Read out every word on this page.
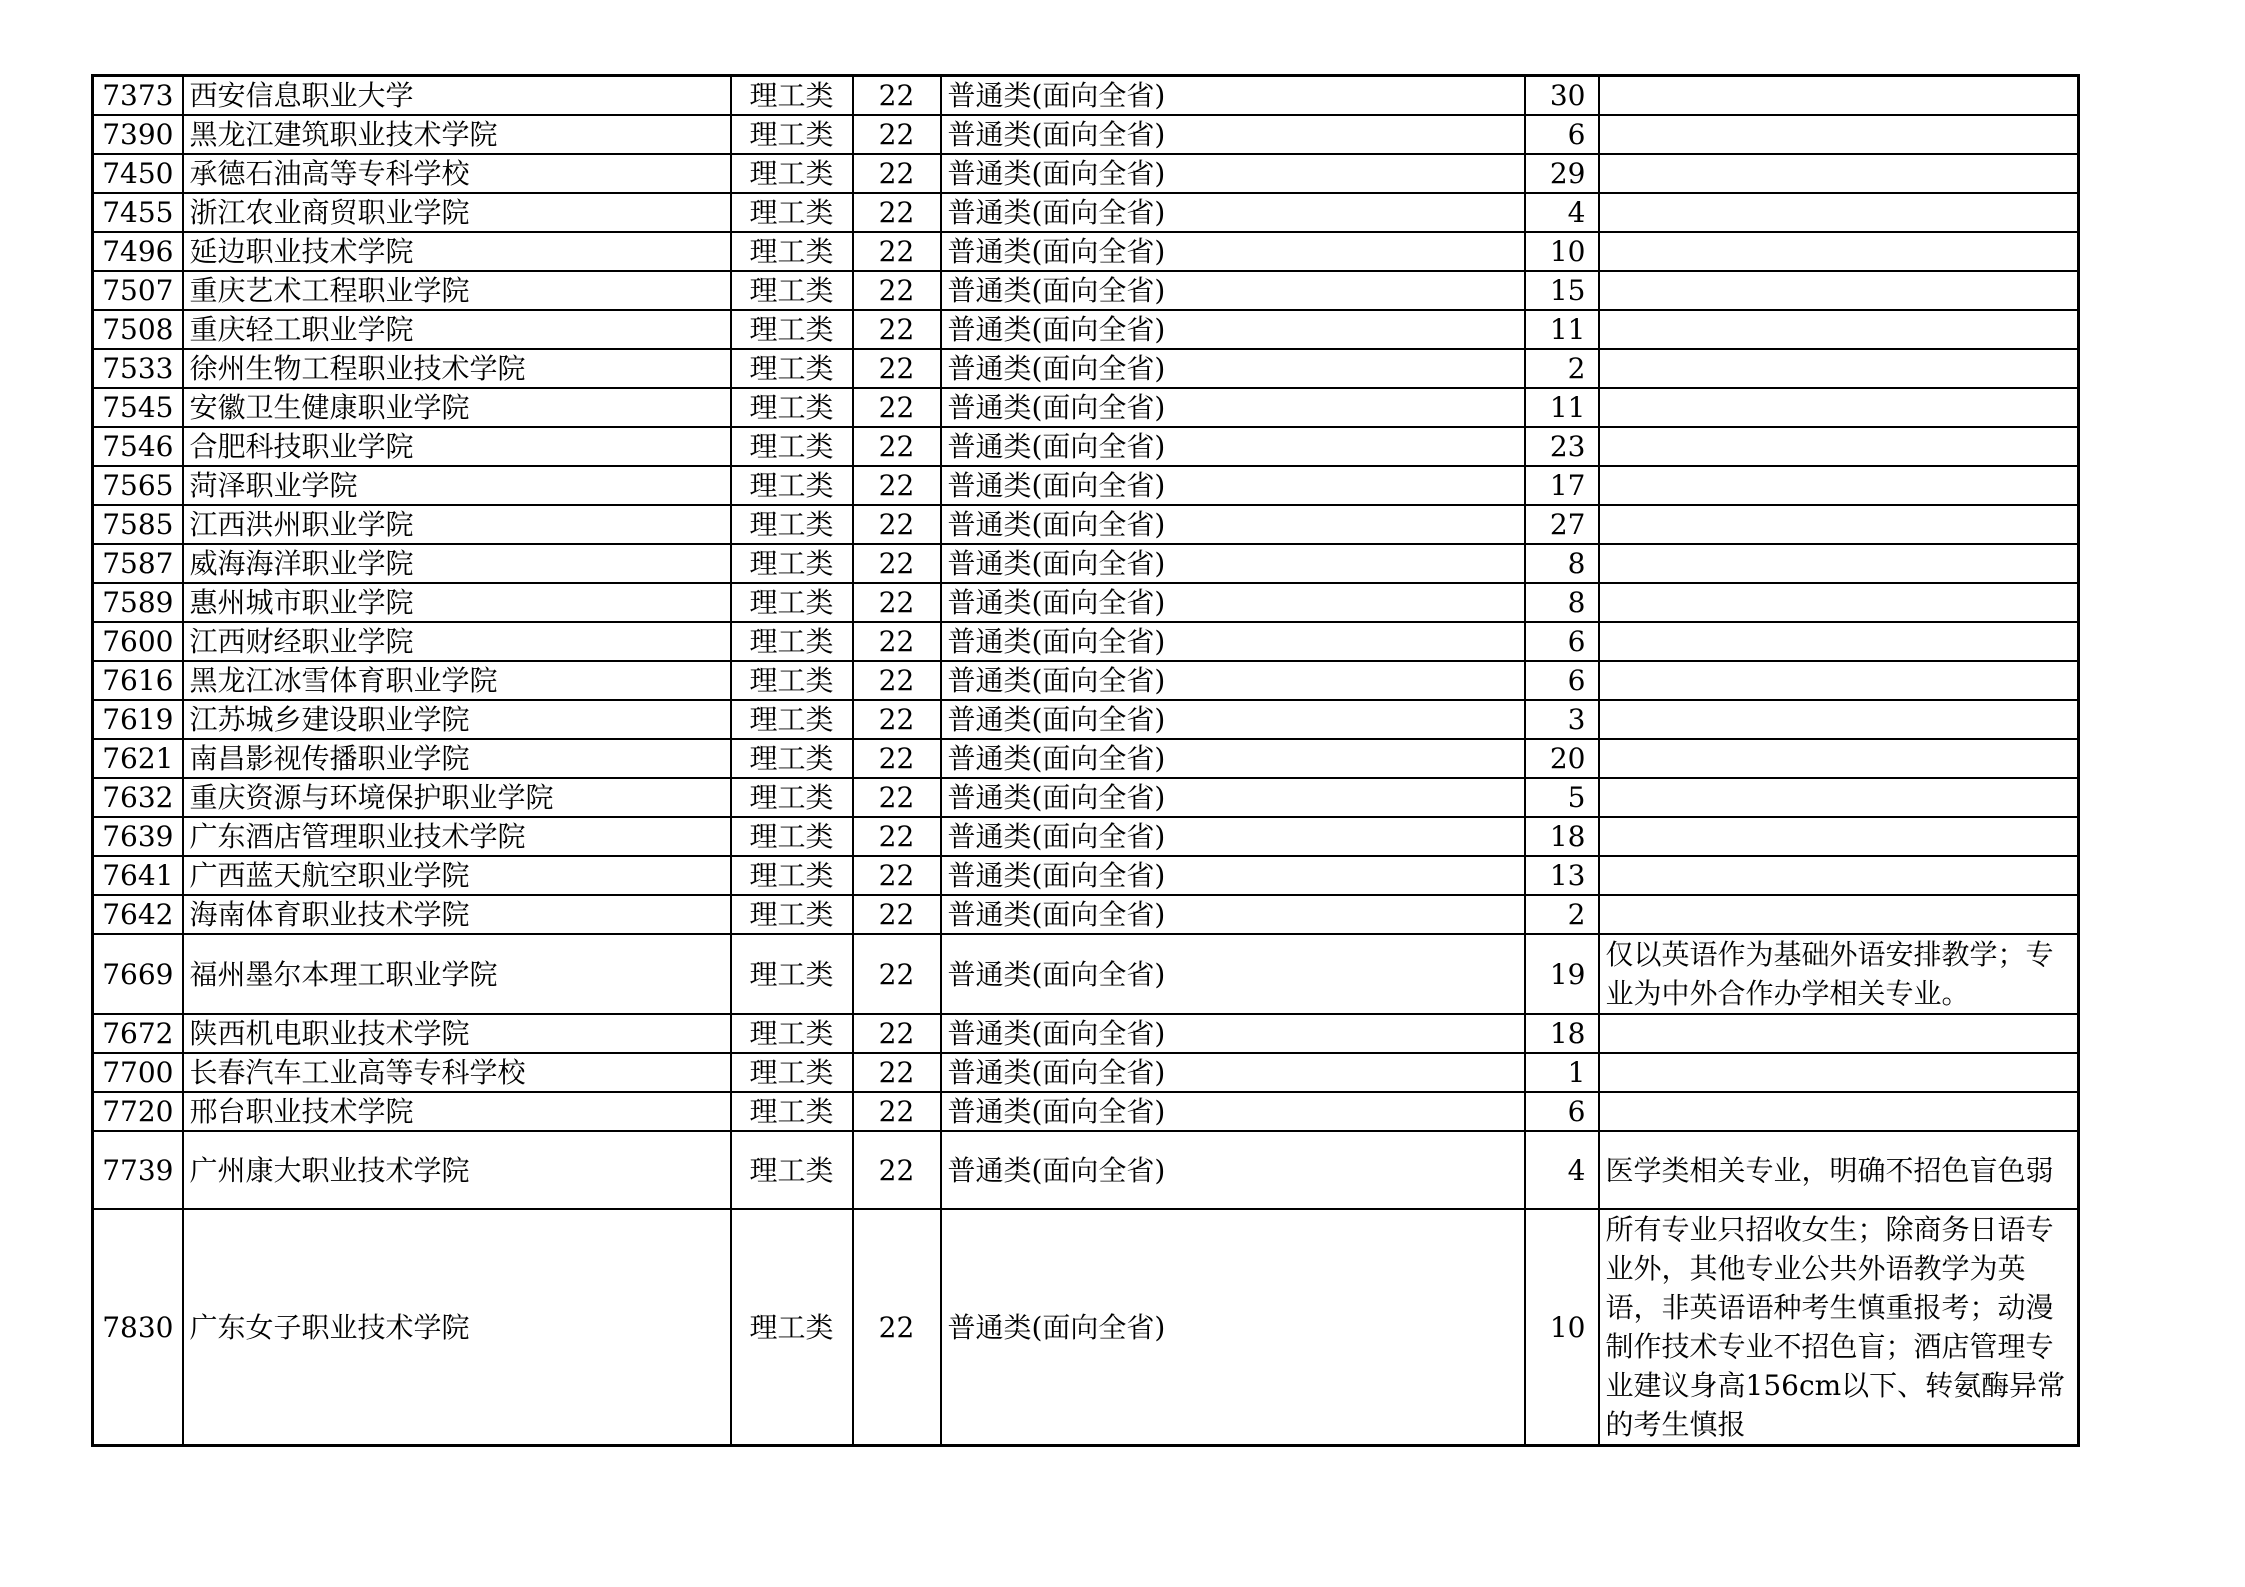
7373	西安信息职业大学	理工类	22	普通类(面向全省)	30	
7390	黑龙江建筑职业技术学院	理工类	22	普通类(面向全省)	6	
7450	承德石油高等专科学校	理工类	22	普通类(面向全省)	29	
7455	浙江农业商贸职业学院	理工类	22	普通类(面向全省)	4	
7496	延边职业技术学院	理工类	22	普通类(面向全省)	10	
7507	重庆艺术工程职业学院	理工类	22	普通类(面向全省)	15	
7508	重庆轻工职业学院	理工类	22	普通类(面向全省)	11	
7533	徐州生物工程职业技术学院	理工类	22	普通类(面向全省)	2	
7545	安徽卫生健康职业学院	理工类	22	普通类(面向全省)	11	
7546	合肥科技职业学院	理工类	22	普通类(面向全省)	23	
7565	菏泽职业学院	理工类	22	普通类(面向全省)	17	
7585	江西洪州职业学院	理工类	22	普通类(面向全省)	27	
7587	威海海洋职业学院	理工类	22	普通类(面向全省)	8	
7589	惠州城市职业学院	理工类	22	普通类(面向全省)	8	
7600	江西财经职业学院	理工类	22	普通类(面向全省)	6	
7616	黑龙江冰雪体育职业学院	理工类	22	普通类(面向全省)	6	
7619	江苏城乡建设职业学院	理工类	22	普通类(面向全省)	3	
7621	南昌影视传播职业学院	理工类	22	普通类(面向全省)	20	
7632	重庆资源与环境保护职业学院	理工类	22	普通类(面向全省)	5	
7639	广东酒店管理职业技术学院	理工类	22	普通类(面向全省)	18	
7641	广西蓝天航空职业学院	理工类	22	普通类(面向全省)	13	
7642	海南体育职业技术学院	理工类	22	普通类(面向全省)	2	
7669	福州墨尔本理工职业学院	理工类	22	普通类(面向全省)	19	仅以英语作为基础外语安排教学；专业为中外合作办学相关专业。
7672	陕西机电职业技术学院	理工类	22	普通类(面向全省)	18	
7700	长春汽车工业高等专科学校	理工类	22	普通类(面向全省)	1	
7720	邢台职业技术学院	理工类	22	普通类(面向全省)	6	
7739	广州康大职业技术学院	理工类	22	普通类(面向全省)	4	医学类相关专业，明确不招色盲色弱
7830	广东女子职业技术学院	理工类	22	普通类(面向全省)	10	所有专业只招收女生；除商务日语专业外，其他专业公共外语教学为英语，非英语语种考生慎重报考；动漫制作技术专业不招色盲；酒店管理专业建议身高156cm以下、转氨酶异常的考生慎报
